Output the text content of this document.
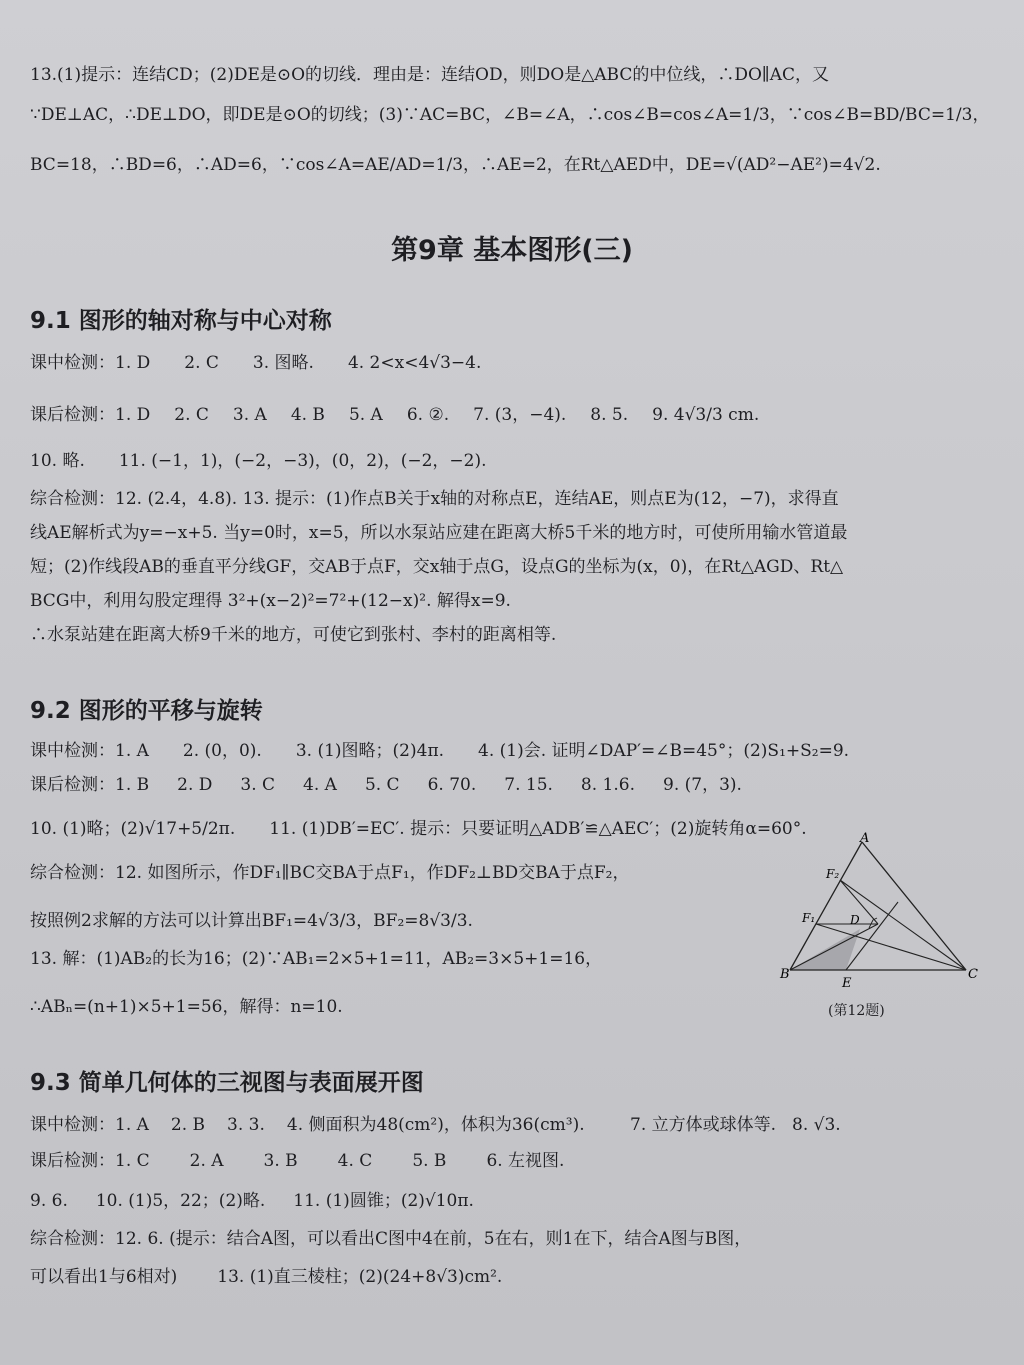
13.(1)提示：连结CD；(2)DE是⊙O的切线．理由是：连结OD，则DO是△ABC的中位线，∴DO∥AC，又
∵DE⊥AC，∴DE⊥DO，即DE是⊙O的切线；(3)∵AC=BC，∠B=∠A，∴cos∠B=cos∠A=1/3，∵cos∠B=BD/BC=1/3，
BC=18，∴BD=6，∴AD=6，∵cos∠A=AE/AD=1/3，∴AE=2，在Rt△AED中，DE=√(AD²−AE²)=4√2.
第9章 基本图形(三)
9.1 图形的轴对称与中心对称
课中检测：1. D 2. C 3. 图略. 4. 2<x<4√3−4.
课后检测：1. D 2. C 3. A 4. B 5. A 6. ②. 7. (3，−4). 8. 5. 9. 4√3/3 cm.
10. 略. 11. (−1，1)，(−2，−3)，(0，2)，(−2，−2).
综合检测：12. (2.4，4.8). 13. 提示：(1)作点B关于x轴的对称点E，连结AE，则点E为(12，−7)，求得直
线AE解析式为y=−x+5. 当y=0时，x=5，所以水泵站应建在距离大桥5千米的地方时，可使所用输水管道最
短；(2)作线段AB的垂直平分线GF，交AB于点F，交x轴于点G，设点G的坐标为(x，0)，在Rt△AGD、Rt△
BCG中，利用勾股定理得 3²+(x−2)²=7²+(12−x)². 解得x=9.
∴水泵站建在距离大桥9千米的地方，可使它到张村、李村的距离相等.
9.2 图形的平移与旋转
课中检测：1. A 2. (0，0). 3. (1)图略；(2)4π. 4. (1)会. 证明∠DAP′=∠B=45°；(2)S₁+S₂=9.
课后检测：1. B 2. D 3. C 4. A 5. C 6. 70. 7. 15. 8. 1.6. 9. (7，3).
10. (1)略；(2)√17+5/2π. 11. (1)DB′=EC′. 提示：只要证明△ADB′≌△AEC′；(2)旋转角α=60°.
综合检测：12. 如图所示，作DF₁∥BC交BA于点F₁，作DF₂⊥BD交BA于点F₂，
按照例2求解的方法可以计算出BF₁=4√3/3，BF₂=8√3/3.
13. 解：(1)AB₂的长为16；(2)∵AB₁=2×5+1=11，AB₂=3×5+1=16，
∴ABₙ=(n+1)×5+1=56，解得：n=10.
A
F₂
F₁	D
B
E
C
(第12题)
9.3 简单几何体的三视图与表面展开图
课中检测：1. A 2. B 3. 3. 4. 侧面积为48(cm²)，体积为36(cm³).	7. 立方体或球体等. 8. √3.
课后检测：1. C 2. A 3. B 4. C 5. B 6. 左视图.
9. 6. 10. (1)5，22；(2)略. 11. (1)圆锥；(2)√10π.
综合检测：12. 6. (提示：结合A图，可以看出C图中4在前，5在右，则1在下，结合A图与B图，
可以看出1与6相对) 13. (1)直三棱柱；(2)(24+8√3)cm².
